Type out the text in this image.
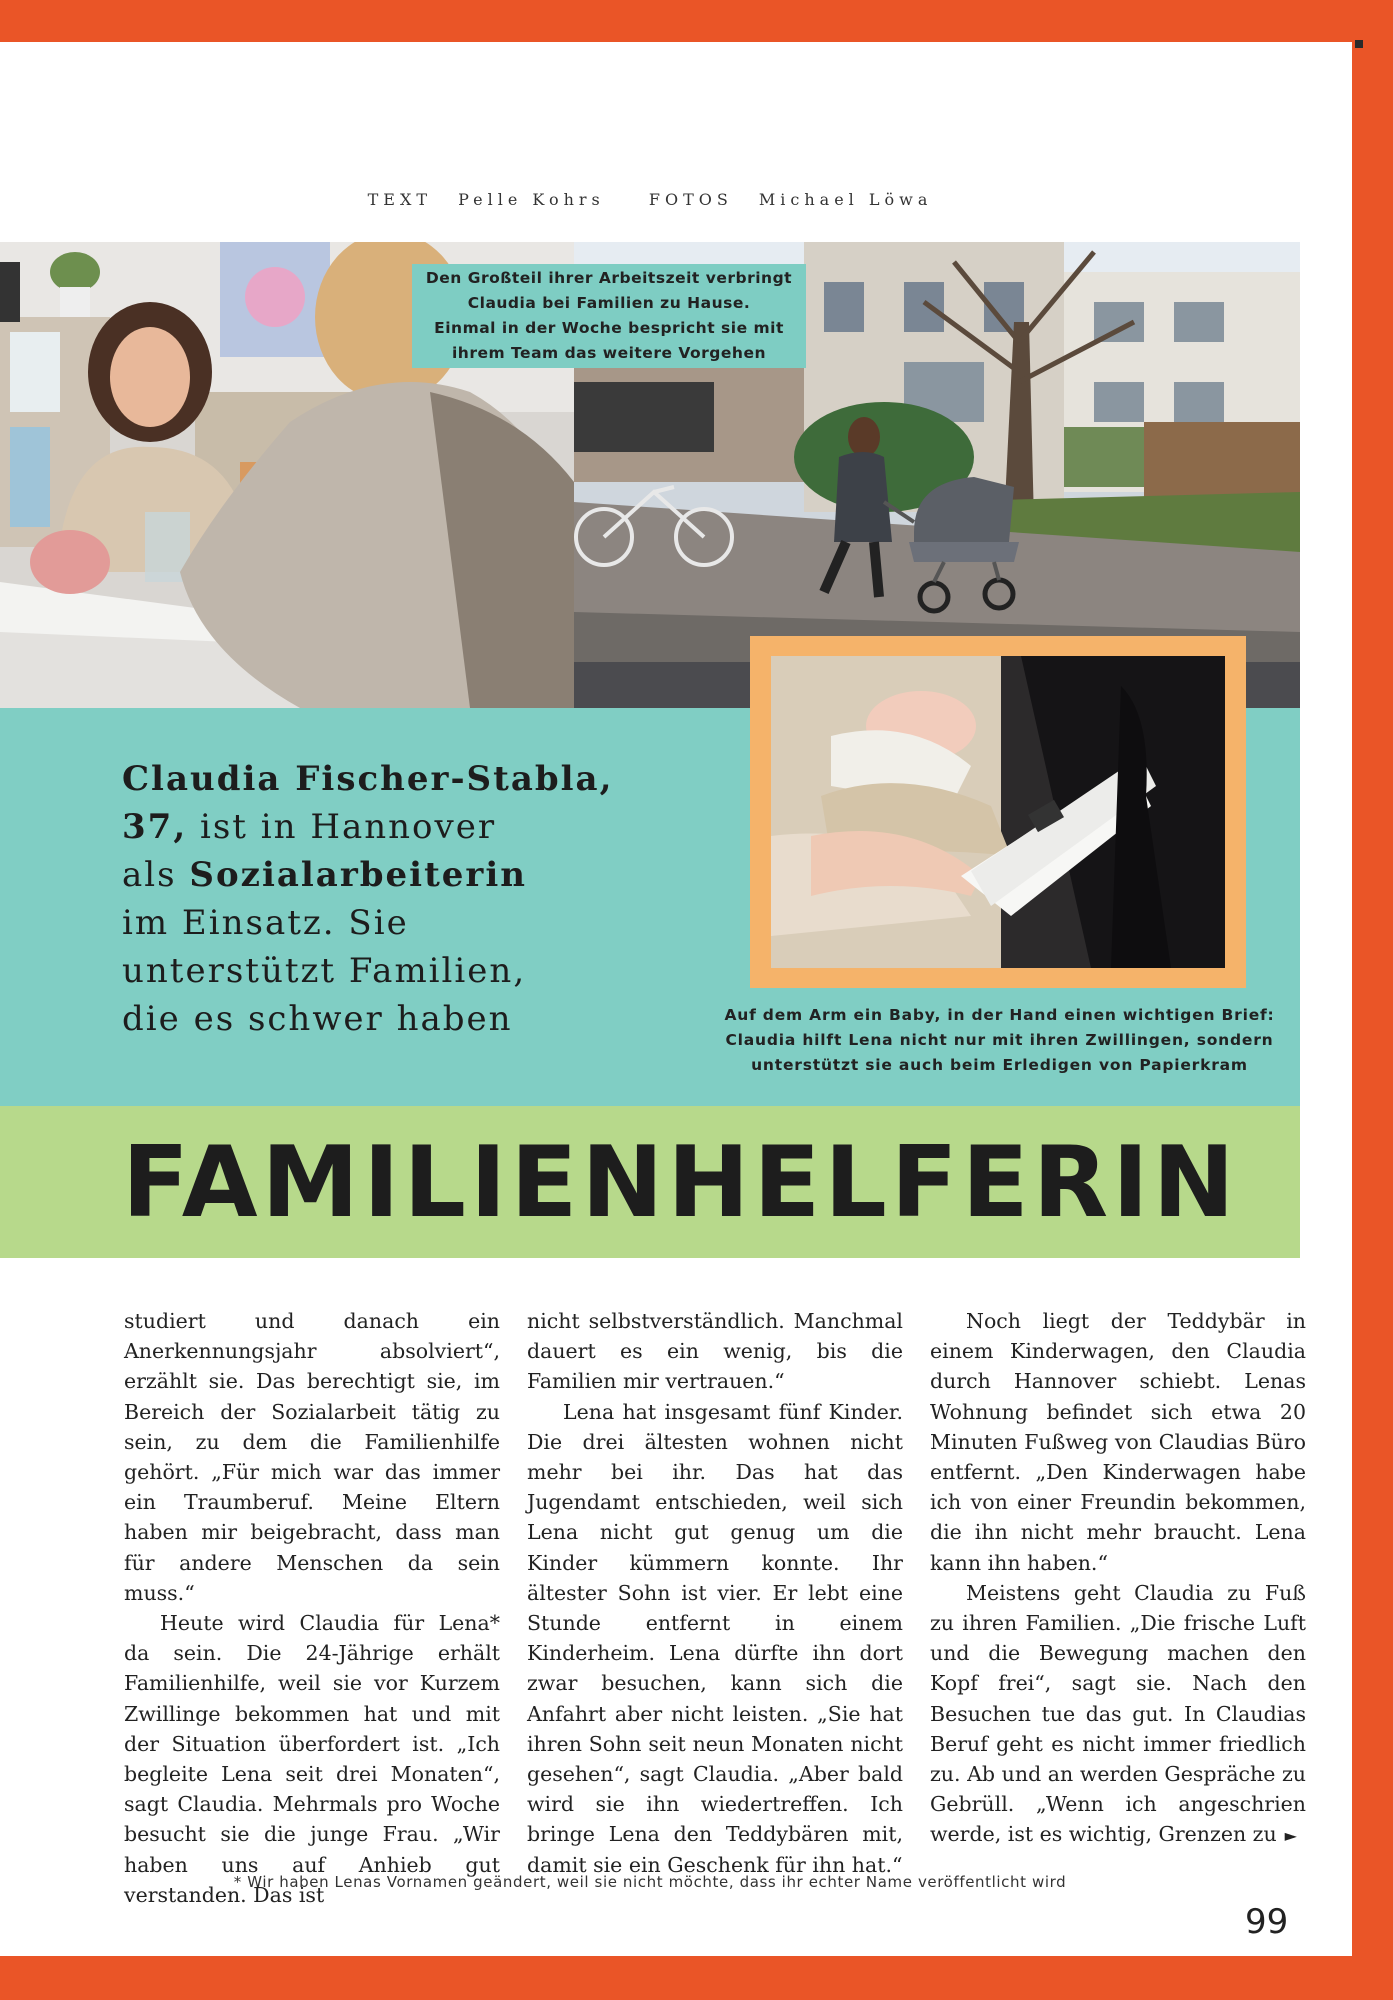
TEXT Pelle Kohrs	FOTOS Michael Löwa
Den Großteil ihrer Arbeitszeit verbringt
Claudia bei Familien zu Hause.
Einmal in der Woche bespricht sie mit
ihrem Team das weitere Vorgehen
Claudia Fischer-Stabla,
37, ist in Hannover
als Sozialarbeiterin
im Einsatz. Sie
unterstützt Familien,
die es schwer haben	Auf dem Arm ein Baby, in der Hand einen wichtigen Brief:
Claudia hilft Lena nicht nur mit ihren Zwillingen, sondern
unterstützt sie auch beim Erledigen von Papierkram
FAMILIENHELFERIN

studiert und danach ein Anerkennungsjahr absolviert“, erzählt sie. Das berechtigt sie, im Bereich der Sozialarbeit tätig zu sein, zu dem die Familienhilfe gehört. „Für mich war das immer ein Traumberuf. Meine Eltern haben mir beigebracht, dass man für andere Menschen da sein muss.“

Heute wird Claudia für Lena* da sein. Die 24-Jährige erhält Familienhilfe, weil sie vor Kurzem Zwillinge bekommen hat und mit der Situation überfordert ist. „Ich begleite Lena seit drei Monaten“, sagt Claudia. Mehrmals pro Woche besucht sie die junge Frau. „Wir haben uns auf Anhieb gut verstanden. Das ist

nicht selbstverständlich. Manchmal dauert es ein wenig, bis die Familien mir vertrauen.“

Lena hat insgesamt fünf Kinder. Die drei ältesten wohnen nicht mehr bei ihr. Das hat das Jugendamt entschieden, weil sich Lena nicht gut genug um die Kinder kümmern konnte. Ihr ältester Sohn ist vier. Er lebt eine Stunde entfernt in einem Kinderheim. Lena dürfte ihn dort zwar besuchen, kann sich die Anfahrt aber nicht leisten. „Sie hat ihren Sohn seit neun Monaten nicht gesehen“, sagt Claudia. „Aber bald wird sie ihn wiedertreffen. Ich bringe Lena den Teddybären mit, damit sie ein Geschenk für ihn hat.“

Noch liegt der Teddybär in einem Kinderwagen, den Claudia durch Hannover schiebt. Lenas Wohnung befindet sich etwa 20 Minuten Fußweg von Claudias Büro entfernt. „Den Kinderwagen habe ich von einer Freundin bekommen, die ihn nicht mehr braucht. Lena kann ihn haben.“

Meistens geht Claudia zu Fuß zu ihren Familien. „Die frische Luft und die Bewegung machen den Kopf frei“, sagt sie. Nach den Besuchen tue das gut. In Claudias Beruf geht es nicht immer friedlich zu. Ab und an werden Gespräche zu Gebrüll. „Wenn ich angeschrien werde, ist es wichtig, Grenzen zu ►

* Wir haben Lenas Vornamen geändert, weil sie nicht möchte, dass ihr echter Name veröffentlicht wird
99
